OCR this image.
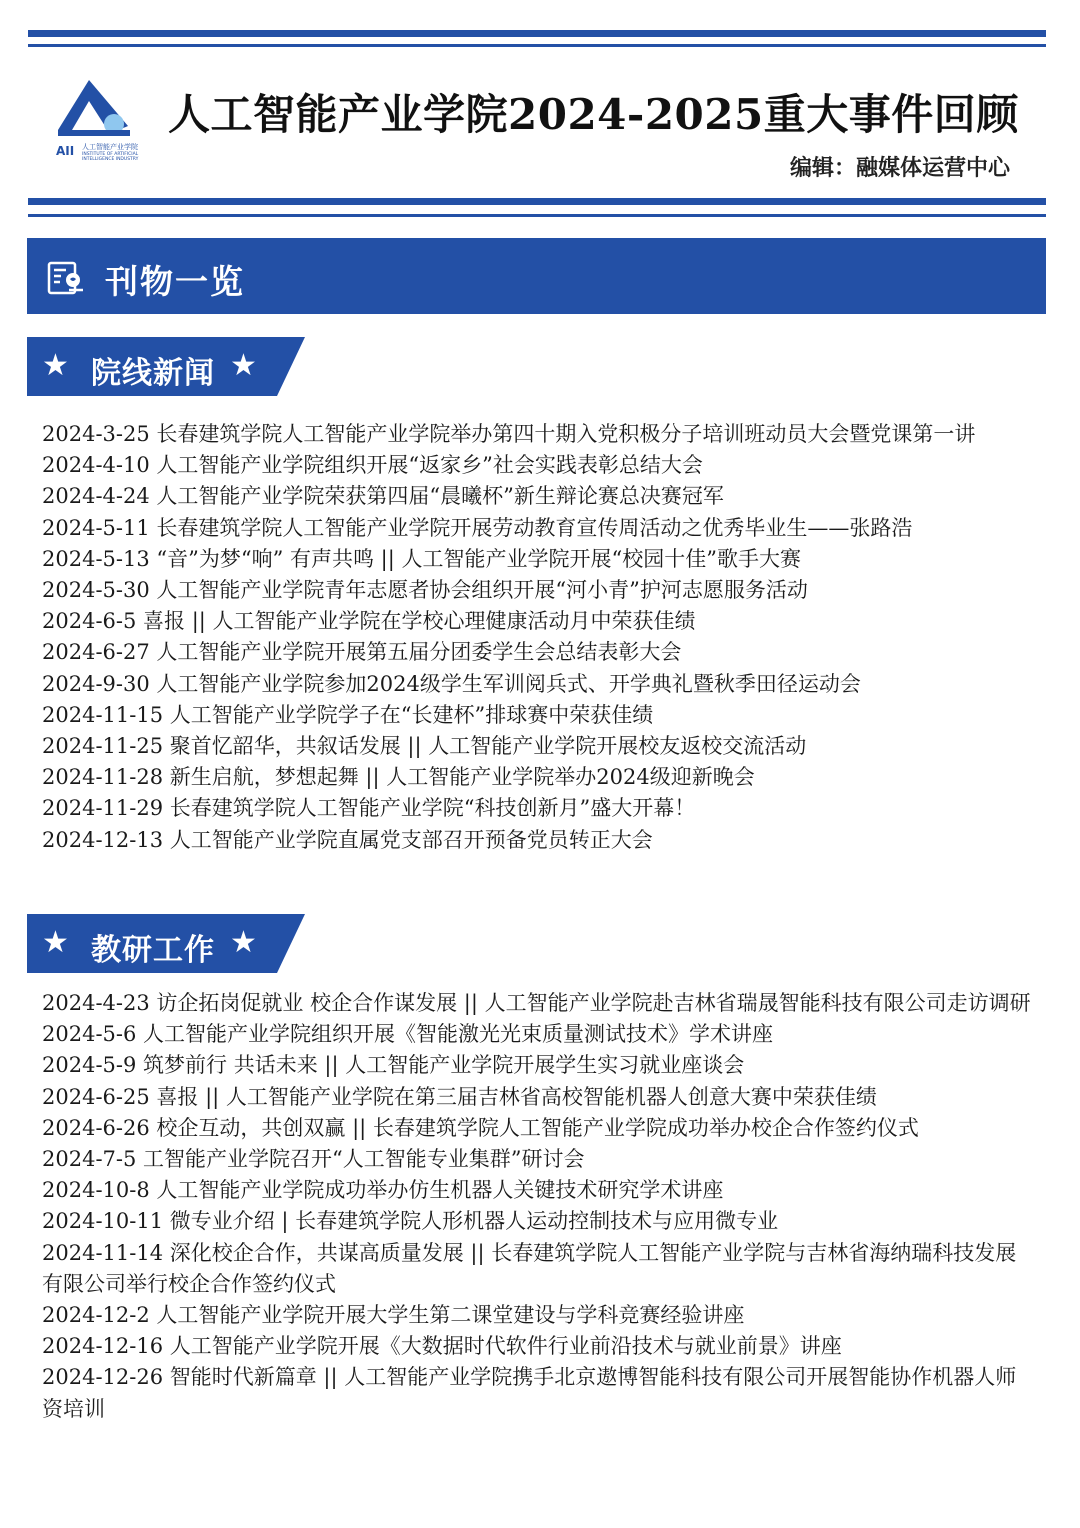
AII 人工智能产业学院
INSTITUTE OF ARTIFICIAL INTELLIGENCE INDUSTRY
人工智能产业学院2024-2025重大事件回顾
编辑：融媒体运营中心
刊物一览
★ 院线新闻 ★
2024-3-25 长春建筑学院人工智能产业学院举办第四十期入党积极分子培训班动员大会暨党课第一讲
2024-4-10 人工智能产业学院组织开展“返家乡”社会实践表彰总结大会
2024-4-24 人工智能产业学院荣获第四届“晨曦杯”新生辩论赛总决赛冠军
2024-5-11 长春建筑学院人工智能产业学院开展劳动教育宣传周活动之优秀毕业生——张路浩
2024-5-13 “音”为梦“响” 有声共鸣 || 人工智能产业学院开展“校园十佳”歌手大赛
2024-5-30 人工智能产业学院青年志愿者协会组织开展“河小青”护河志愿服务活动
2024-6-5 喜报 || 人工智能产业学院在学校心理健康活动月中荣获佳绩
2024-6-27 人工智能产业学院开展第五届分团委学生会总结表彰大会
2024-9-30 人工智能产业学院参加2024级学生军训阅兵式、开学典礼暨秋季田径运动会
2024-11-15 人工智能产业学院学子在“长建杯”排球赛中荣获佳绩
2024-11-25 聚首忆韶华，共叙话发展 || 人工智能产业学院开展校友返校交流活动
2024-11-28 新生启航，梦想起舞 || 人工智能产业学院举办2024级迎新晚会
2024-11-29 长春建筑学院人工智能产业学院“科技创新月”盛大开幕！
2024-12-13 人工智能产业学院直属党支部召开预备党员转正大会
★ 教研工作 ★
2024-4-23 访企拓岗促就业 校企合作谋发展 || 人工智能产业学院赴吉林省瑞晟智能科技有限公司走访调研
2024-5-6 人工智能产业学院组织开展《智能激光光束质量测试技术》学术讲座
2024-5-9 筑梦前行 共话未来 || 人工智能产业学院开展学生实习就业座谈会
2024-6-25 喜报 || 人工智能产业学院在第三届吉林省高校智能机器人创意大赛中荣获佳绩
2024-6-26 校企互动，共创双赢 || 长春建筑学院人工智能产业学院成功举办校企合作签约仪式
2024-7-5 工智能产业学院召开“人工智能专业集群”研讨会
2024-10-8 人工智能产业学院成功举办仿生机器人关键技术研究学术讲座
2024-10-11 微专业介绍 | 长春建筑学院人形机器人运动控制技术与应用微专业
2024-11-14 深化校企合作，共谋高质量发展 || 长春建筑学院人工智能产业学院与吉林省海纳瑞科技发展有限公司举行校企合作签约仪式
2024-12-2 人工智能产业学院开展大学生第二课堂建设与学科竞赛经验讲座
2024-12-16 人工智能产业学院开展《大数据时代软件行业前沿技术与就业前景》讲座
2024-12-26 智能时代新篇章 || 人工智能产业学院携手北京遨博智能科技有限公司开展智能协作机器人师资培训
